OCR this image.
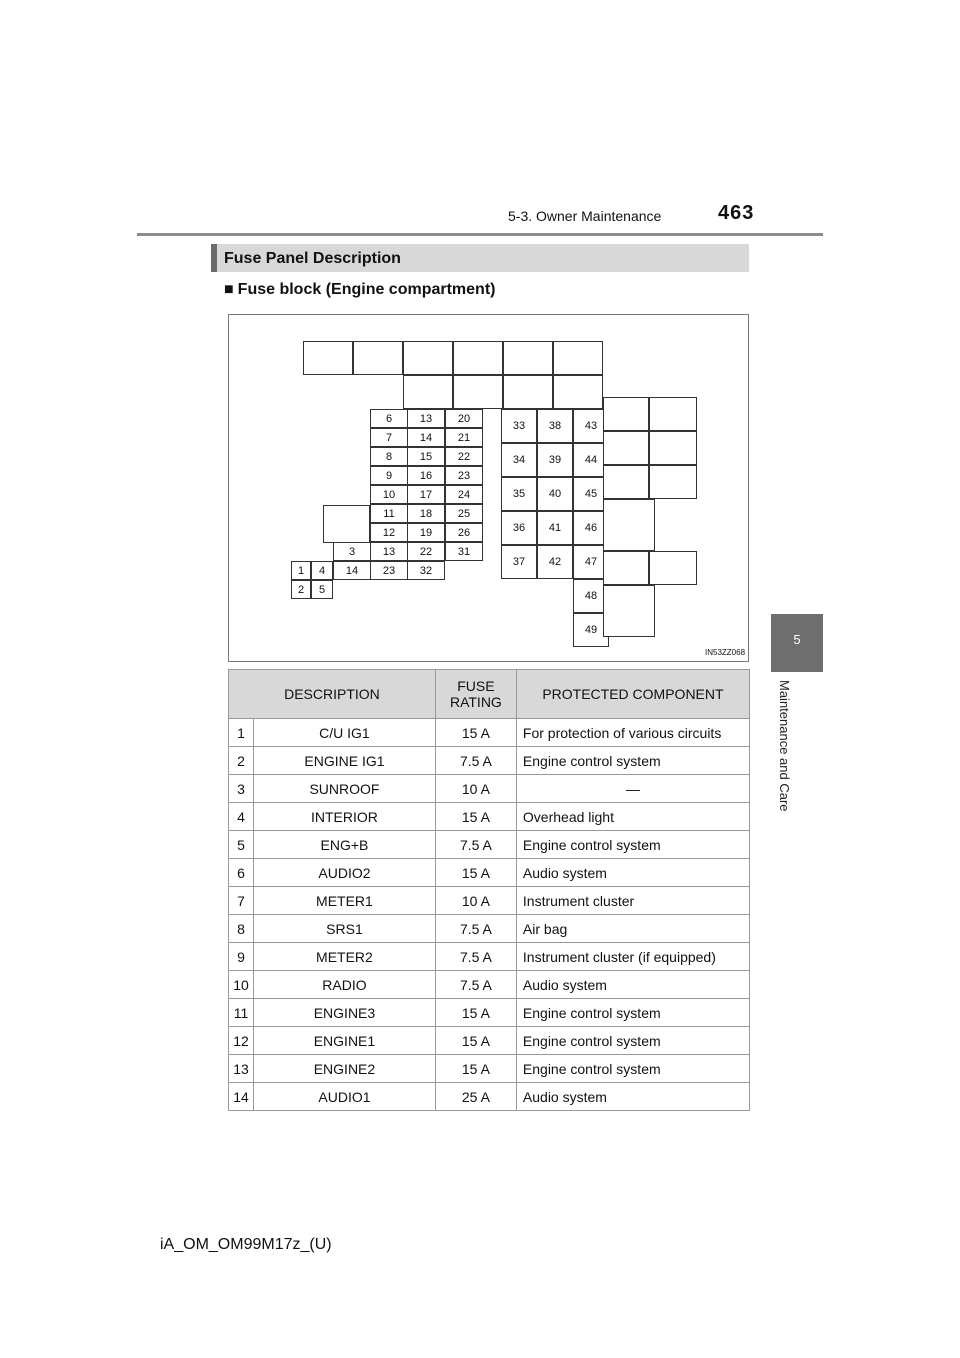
5-3. Owner Maintenance	463
5
Maintenance and Care
Fuse Panel Description
■ Fuse block (Engine compartment)
6	13	20
7	14	21
8	15	22
9	16	23
10	17	24
11	18	25
12	19	26
3	13	22	31
1	4	14	23	32
2	5
33	38	43
34	39	44
35	40	45
36	41	46
37	42	47
48
49
IN53ZZ068
DESCRIPTION		FUSE RATING	PROTECTED COMPONENT
1	C/U IG1	15 A	For protection of various circuits
2	ENGINE IG1	7.5 A	Engine control system
3	SUNROOF	10 A	—
4	INTERIOR	15 A	Overhead light
5	ENG+B	7.5 A	Engine control system
6	AUDIO2	15 A	Audio system
7	METER1	10 A	Instrument cluster
8	SRS1	7.5 A	Air bag
9	METER2	7.5 A	Instrument cluster (if equipped)
10	RADIO	7.5 A	Audio system
11	ENGINE3	15 A	Engine control system
12	ENGINE1	15 A	Engine control system
13	ENGINE2	15 A	Engine control system
14	AUDIO1	25 A	Audio system
iA_OM_OM99M17z_(U)
